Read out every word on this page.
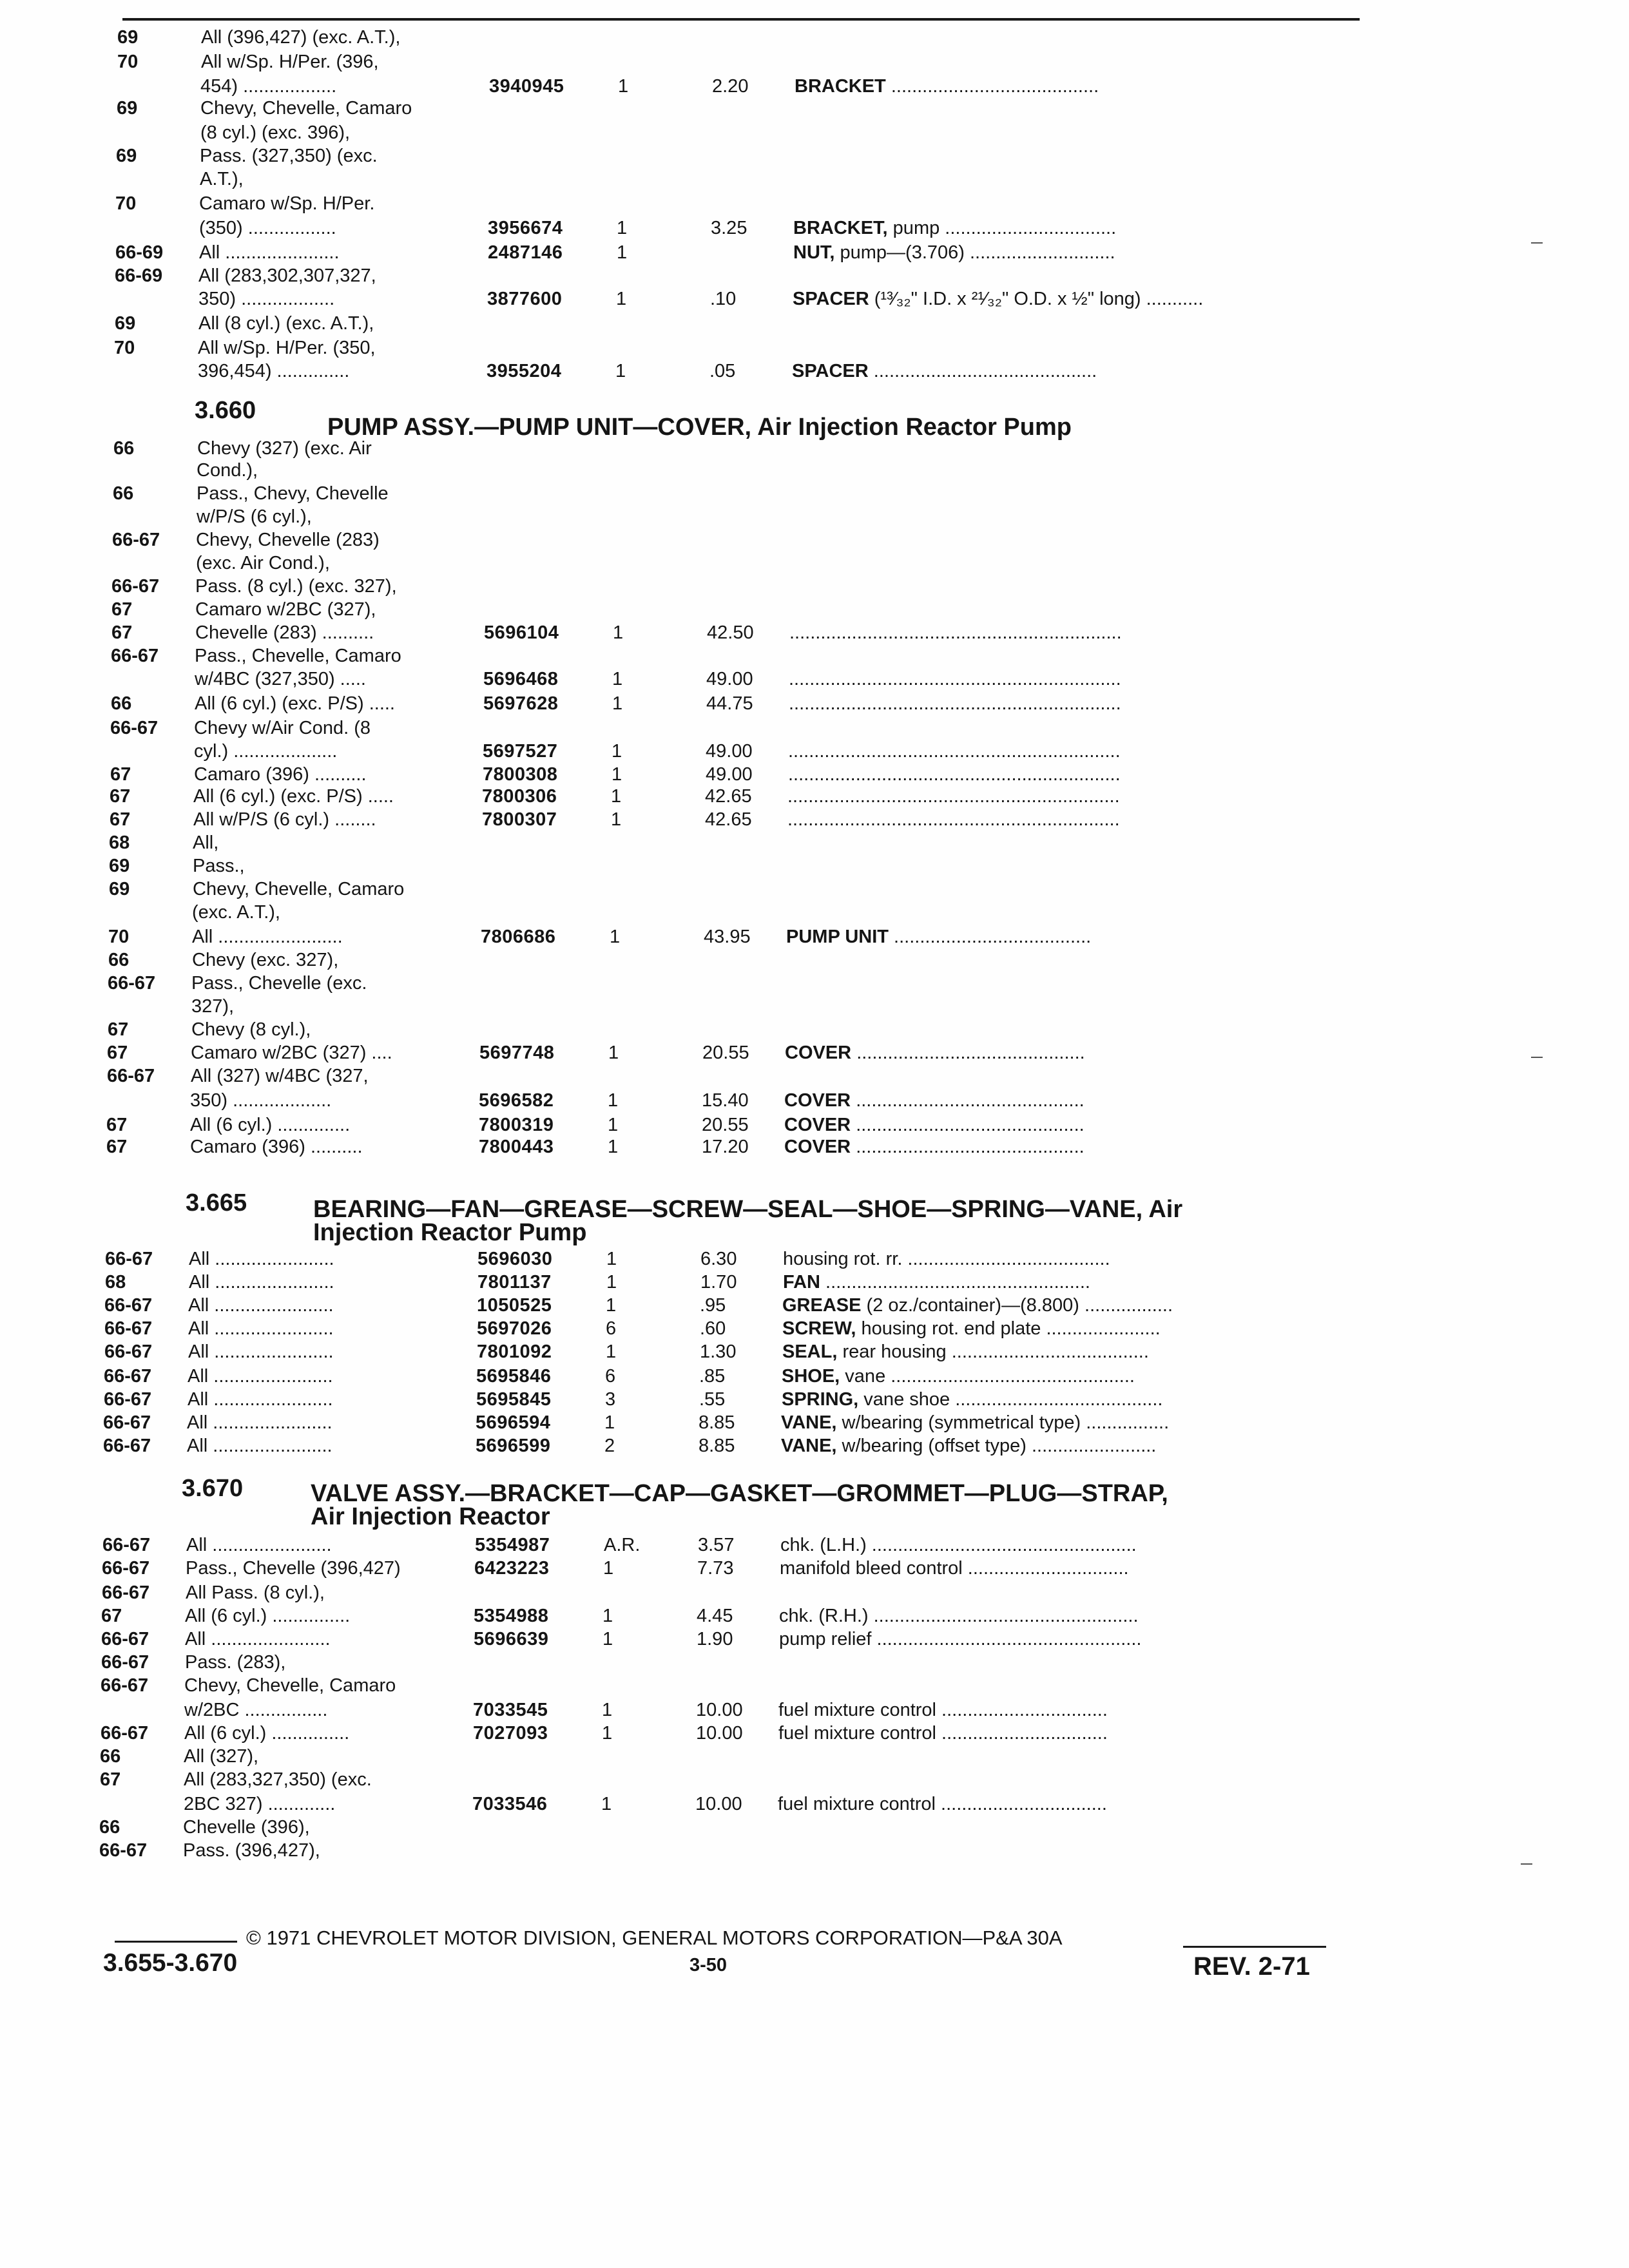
3.660
PUMP ASSY.—PUMP UNIT—COVER, Air Injection Reactor Pump
3.665	BEARING—FAN—GREASE—SCREW—SEAL—SHOE—SPRING—VANE, Air
Injection Reactor Pump
3.670	VALVE ASSY.—BRACKET—CAP—GASKET—GROMMET—PLUG—STRAP,
Air Injection Reactor
69	All (396,427) (exc. A.T.),
70	All w/Sp. H/Per. (396,
454) ..................	3940945	1	2.20 BRACKET ........................................
69	Chevy, Chevelle, Camaro
(8 cyl.) (exc. 396),
69	Pass. (327,350) (exc.
A.T.),
70	Camaro w/Sp. H/Per.
(350) .................	3956674	1	3.25 BRACKET, pump .................................
66-69 All ......................	2487146	1	NUT, pump—(3.706) ............................
66-69 All (283,302,307,327,
350) ..................	3877600	1	.10	SPACER (¹³⁄₃₂" I.D. x ²¹⁄₃₂" O.D. x ½" long) ...........
69	All (8 cyl.) (exc. A.T.),
70	All w/Sp. H/Per. (350,
396,454) ..............	3955204	1	.05	SPACER ...........................................
66	Chevy (327) (exc. Air
Cond.),
66	Pass., Chevy, Chevelle
w/P/S (6 cyl.),
66-67 Chevy, Chevelle (283)
(exc. Air Cond.),
66-67 Pass. (8 cyl.) (exc. 327),
67	Camaro w/2BC (327),
67	Chevelle (283) ..........	5696104	1	42.50 ................................................................
66-67 Pass., Chevelle, Camaro
w/4BC (327,350) .....	5696468	1	49.00 ................................................................
66	All (6 cyl.) (exc. P/S) .....	5697628	1	44.75 ................................................................
66-67 Chevy w/Air Cond. (8
cyl.) ....................	5697527	1	49.00 ................................................................
67	Camaro (396) ..........	7800308	1	49.00 ................................................................
67	All (6 cyl.) (exc. P/S) .....	7800306	1	42.65 ................................................................
67	All w/P/S (6 cyl.) ........	7800307	1	42.65 ................................................................
68	All,
69	Pass.,
69	Chevy, Chevelle, Camaro
(exc. A.T.),
70	All ........................	7806686	1	43.95 PUMP UNIT ......................................
66	Chevy (exc. 327),
66-67 Pass., Chevelle (exc.
327),
67	Chevy (8 cyl.),
67	Camaro w/2BC (327) ....	5697748	1	20.55 COVER ............................................
66-67 All (327) w/4BC (327,
350) ...................	5696582	1	15.40 COVER ............................................
67	All (6 cyl.) ..............	7800319	1	20.55 COVER ............................................
67	Camaro (396) ..........	7800443	1	17.20 COVER ............................................
66-67 All .......................	5696030	1	6.30 housing rot. rr. .......................................
68	All .......................	7801137	1	1.70 FAN ...................................................
66-67 All .......................	1050525	1	.95	GREASE (2 oz./container)—(8.800) .................
66-67 All .......................	5697026	6	.60	SCREW, housing rot. end plate ......................
66-67 All .......................	7801092	1	1.30 SEAL, rear housing ......................................
66-67 All .......................	5695846	6	.85	SHOE, vane ...............................................
66-67 All .......................	5695845	3	.55	SPRING, vane shoe ........................................
66-67 All .......................	5696594	1	8.85 VANE, w/bearing (symmetrical type) ................
66-67 All .......................	5696599	2	8.85 VANE, w/bearing (offset type) ........................
66-67 All .......................	5354987	A.R.	3.57 chk. (L.H.) ...................................................
66-67 Pass., Chevelle (396,427)	6423223	1	7.73 manifold bleed control ...............................
66-67 All Pass. (8 cyl.),
67	All (6 cyl.) ...............	5354988	1	4.45 chk. (R.H.) ...................................................
66-67 All .......................	5696639	1	1.90 pump relief ...................................................
66-67 Pass. (283),
66-67 Chevy, Chevelle, Camaro
w/2BC ................	7033545	1	10.00 fuel mixture control ................................
66-67 All (6 cyl.) ...............	7027093	1	10.00 fuel mixture control ................................
66	All (327),
67	All (283,327,350) (exc.
2BC 327) .............	7033546	1	10.00 fuel mixture control ................................
66	Chevelle (396),
66-67 Pass. (396,427),
© 1971 CHEVROLET MOTOR DIVISION, GENERAL MOTORS CORPORATION—P&A 30A
3.655-3.670	3-50	REV. 2-71
